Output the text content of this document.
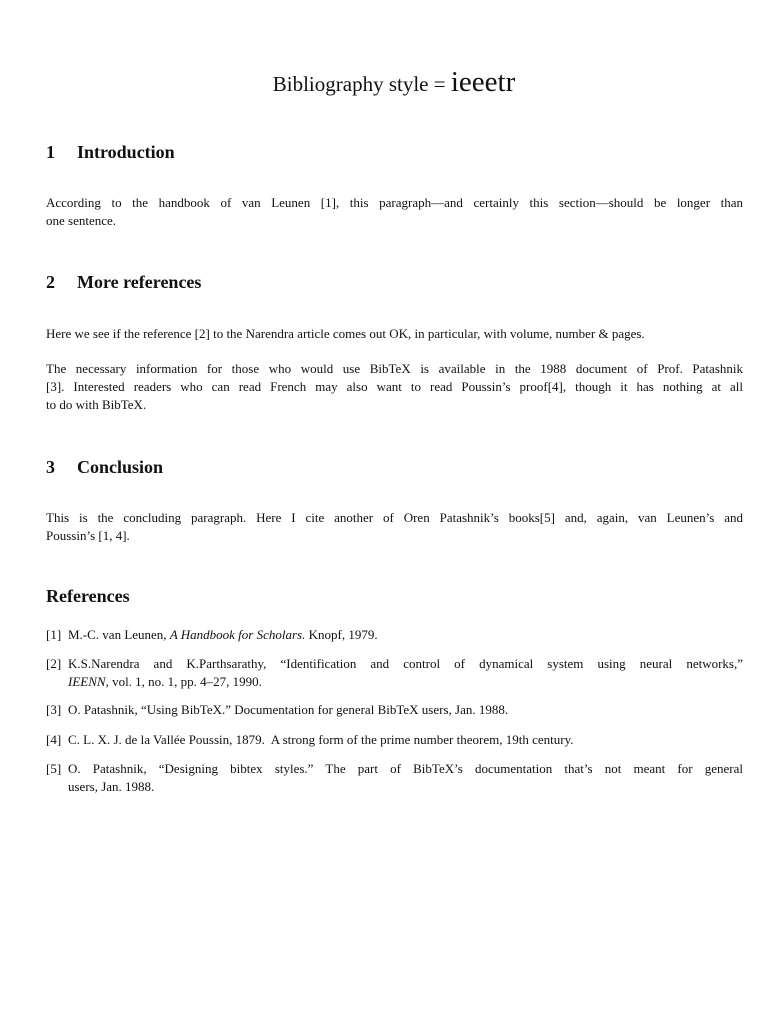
Bibliography style = ieeetr
1 Introduction
According to the handbook of van Leunen [1], this paragraph—and certainly this section—should be longer than
one sentence.
2 More references
Here we see if the reference [2] to the Narendra article comes out OK, in particular, with volume, number & pages.
The necessary information for those who would use BibTeX is available in the 1988 document of Prof. Patashnik
[3]. Interested readers who can read French may also want to read Poussin’s proof[4], though it has nothing at all
to do with BibTeX.
3 Conclusion
This is the concluding paragraph. Here I cite another of Oren Patashnik’s books[5] and, again, van Leunen’s and
Poussin’s [1, 4].
References
[1] M.-C. van Leunen, A Handbook for Scholars. Knopf, 1979.
[2] K.S.Narendra and K.Parthsarathy, “Identification and control of dynamical system using neural networks,”
IEENN, vol. 1, no. 1, pp. 4–27, 1990.
[3] O. Patashnik, “Using BibTeX.” Documentation for general BibTeX users, Jan. 1988.
[4] C. L. X. J. de la Vallée Poussin, 1879.  A strong form of the prime number theorem, 19th century.
[5] O. Patashnik, “Designing bibtex styles.” The part of BibTeX’s documentation that’s not meant for general
users, Jan. 1988.
